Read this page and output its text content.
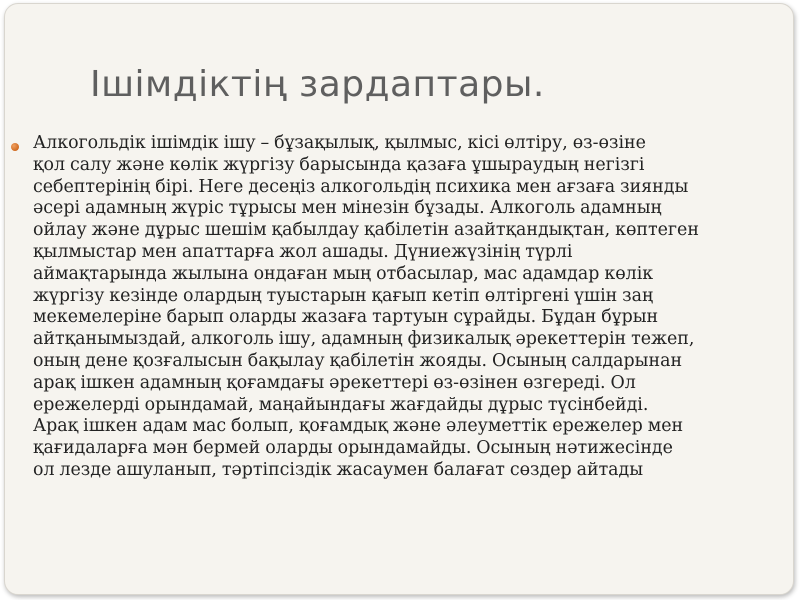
Ішімдіктің зардаптары.
Алкогольдік ішімдік ішу – бұзақылық, қылмыс, кісі өлтіру, өз-өзіне
қол салу және көлік жүргізу барысында қазаға ұшыраудың негізгі
себептерінің бірі. Неге десеңіз алкогольдің психика мен ағзаға зиянды
әсері адамның жүріс тұрысы мен мінезін бұзады. Алкоголь адамның
ойлау және дұрыс шешім қабылдау қабілетін азайтқандықтан, көптеген
қылмыстар мен апаттарға жол ашады. Дүниежүзінің түрлі
аймақтарында жылына ондаған мың отбасылар, мас адамдар көлік
жүргізу кезінде олардың туыстарын қағып кетіп өлтіргені үшін заң
мекемелеріне барып оларды жазаға тартуын сұрайды. Бұдан бұрын
айтқанымыздай, алкоголь ішу, адамның физикалық әрекеттерін тежеп,
оның дене қозғалысын бақылау қабілетін жояды. Осының салдарынан
арақ ішкен адамның қоғамдағы әрекеттері өз-өзінен өзгереді. Ол
ережелерді орындамай, маңайындағы жағдайды дұрыс түсінбейді.
Арақ ішкен адам мас болып, қоғамдық және әлеуметтік ережелер мен
қағидаларға мән бермей оларды орындамайды. Осының нәтижесінде
ол лезде ашуланып, тәртіпсіздік жасаумен балағат сөздер айтады
